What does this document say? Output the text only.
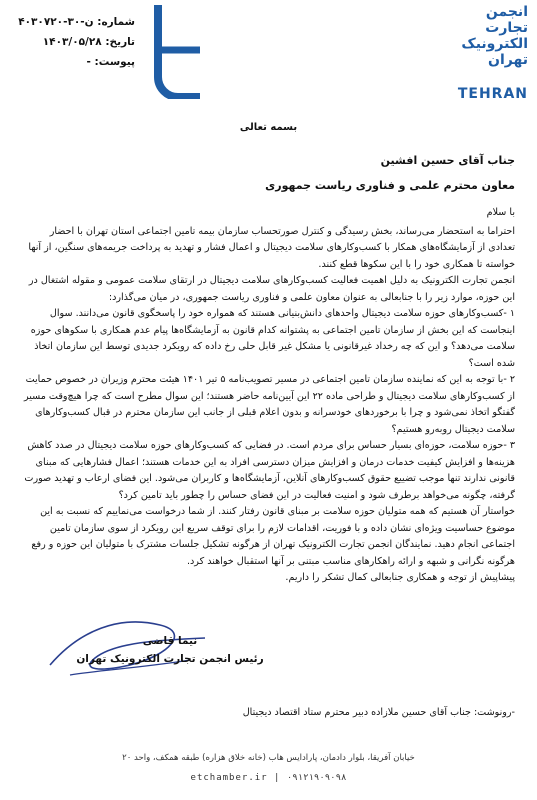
انجمن
تجارت
الکترونیک
تهران
TEHRAN
شماره: ن-۳۰-۴۰۳۰۷۲۰
تاریخ: ۱۴۰۳/۰۵/۲۸
پیوست: -
بسمه تعالی
جناب آقای حسین افشین
معاون محترم علمی و فناوری ریاست جمهوری

با سلام

احتراما به استحضار می‌رساند، بخش رسیدگی و کنترل صورتحساب سازمان بیمه تامین اجتماعی استان تهران با احضار تعدادی از آزمایشگاه‌های همکار با کسب‌وکارهای سلامت دیجیتال و اعمال فشار و تهدید به پرداخت جریمه‌های سنگین، از آنها خواسته تا همکاری خود را با این سکوها قطع کنند.

انجمن تجارت الکترونیک به دلیل اهمیت فعالیت کسب‌وکارهای سلامت دیجیتال در ارتقای سلامت عمومی و مقوله اشتغال در این حوزه، موارد زیر را با جنابعالی به عنوان معاون علمی و فناوری ریاست جمهوری، در میان می‌گذارد:

۱ -کسب‌وکارهای حوزه سلامت دیجیتال واحدهای دانش‌بنیانی هستند که همواره خود را پاسخگوی قانون می‌دانند. سوال اینجاست که این بخش از سازمان تامین اجتماعی به پشتوانه کدام قانون به آزمایشگاه‌ها پیام عدم همکاری با سکوهای حوزه سلامت می‌دهد؟ و این که چه رخداد غیرقانونی یا مشکل غیر قابل حلی رخ داده که رویکرد جدیدی توسط این سازمان اتخاذ شده است؟

۲ -با توجه به این که نماینده سازمان تامین اجتماعی در مسیر تصویب‌نامه ۵ تیر ۱۴۰۱ هیئت محترم وزیران در خصوص حمایت از کسب‌وکارهای سلامت دیجیتال و طراحی ماده ۲۲ این آیین‌نامه حاضر هستند؛ این سوال مطرح است که چرا هیچ‌وقت مسیر گفتگو اتخاذ نمی‌شود و چرا با برخوردهای خودسرانه و بدون اعلام قبلی از جانب این سازمان محترم در قبال کسب‌وکارهای سلامت دیجیتال روبه‌رو هستیم؟

۳ -حوزه سلامت، حوزه‌ای بسیار حساس برای مردم است. در فضایی که کسب‌وکارهای حوزه سلامت دیجیتال در صدد کاهش هزینه‌ها و افزایش کیفیت خدمات درمان و افزایش میزان دسترسی افراد به این خدمات هستند؛ اعمال فشارهایی که مبنای قانونی ندارند تنها موجب تضییع حقوق کسب‌وکارهای آنلاین، آزمایشگاه‌ها و کاربران می‌شود. این فضای ارعاب و تهدید صورت گرفته، چگونه می‌خواهد برطرف شود و امنیت فعالیت در این فضای حساس را چطور باید تامین کرد؟

خواستار آن هستیم که همه متولیان حوزه سلامت بر مبنای قانون رفتار کنند. از شما درخواست می‌نماییم که نسبت به این موضوع حساسیت ویژه‌ای نشان داده و با فوریت، اقدامات لازم را برای توقف سریع این رویکرد از سوی سازمان تامین اجتماعی انجام دهید. نمایندگان انجمن تجارت الکترونیک تهران از هرگونه تشکیل جلسات مشترک با متولیان این حوزه و رفع هرگونه نگرانی و شبهه و ارائه راهکارهای مناسب مبتنی بر آنها استقبال خواهند کرد.

پیشاپیش از توجه و همکاری جنابعالی کمال تشکر را داریم.

نیما قاضی
رئیس انجمن تجارت الکترونیک تهران
-رونوشت: جناب آقای حسین ملازاده دبیر محترم ستاد اقتصاد دیجیتال
خیابان آفریقا، بلوار دادمان، پارادایس هاب (خانه خلاق هزاره) طبقه همکف، واحد ۲۰
etchamber.ir | ۰۹۱۲۱۹۰۹۰۹۸
